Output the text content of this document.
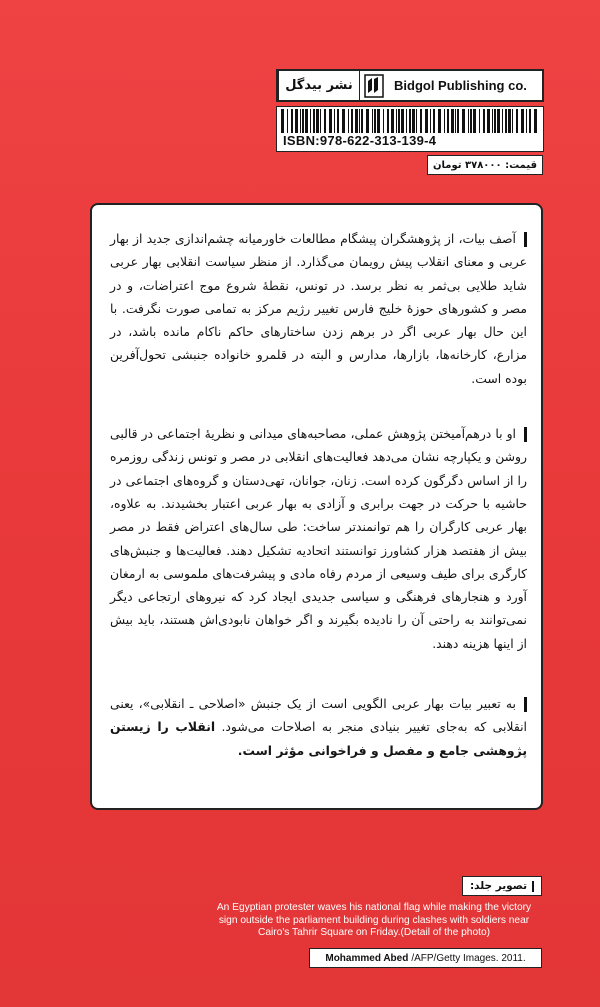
نشر بیدگل	Bidgol Publishing co.
ISBN:978-622-313-139-4
قیمت: ۳۷۸۰۰۰ تومان

آصف بیات، از پژوهشگران پیشگام مطالعات خاورمیانه چشم‌اندازی جدید از بهار عربی و معنای انقلاب پیش رویمان می‌گذارد. از منظر سیاست انقلابی بهار عربی شاید طلایی بی‌ثمر به نظر برسد. در تونس، نقطهٔ شروع موج اعتراضات، و در مصر و کشورهای حوزهٔ خلیج فارس تغییر رژیم مرکز به تمامی صورت نگرفت. با این حال بهار عربی اگر در برهم زدن ساختارهای حاکم ناکام مانده باشد، در مزارع، کارخانه‌ها، بازارها، مدارس و البته در قلمرو خانواده جنبشی تحول‌آفرین بوده است.

او با درهم‌آمیختن پژوهش عملی، مصاحبه‌های میدانی و نظریهٔ اجتماعی در قالبی روشن و یکپارچه نشان می‌دهد فعالیت‌های انقلابی در مصر و تونس زندگی روزمره را از اساس دگرگون کرده است. زنان، جوانان، تهی‌دستان و گروه‌های اجتماعی در حاشیه با حرکت در جهت برابری و آزادی به بهار عربی اعتبار بخشیدند. به علاوه، بهار عربی کارگران را هم توانمندتر ساخت: طی سال‌های اعتراض فقط در مصر بیش از هفتصد هزار کشاورز توانستند اتحادیه تشکیل دهند. فعالیت‌ها و جنبش‌های کارگری برای طیف وسیعی از مردم رفاه مادی و پیشرفت‌های ملموسی به ارمغان آورد و هنجارهای فرهنگی و سیاسی جدیدی ایجاد کرد که نیروهای ارتجاعی دیگر نمی‌توانند به راحتی آن را نادیده بگیرند و اگر خواهان نابودی‌اش هستند، باید بیش از اینها هزینه دهند.

به تعبیر بیات بهار عربی الگویی است از یک جنبش «اصلاحی ـ انقلابی»، یعنی انقلابی که به‌جای تغییر بنیادی منجر به اصلاحات می‌شود. انقلاب را زیستن پژوهشی جامع و مفصل و فراخوانی مؤثر است.

تصویر جلد:
An Egyptian protester waves his national flag while making the victory sign outside the parliament building during clashes with soldiers near Cairo's Tahrir Square on Friday.(Detail of the photo)
Mohammed Abed /AFP/Getty Images. 2011.
